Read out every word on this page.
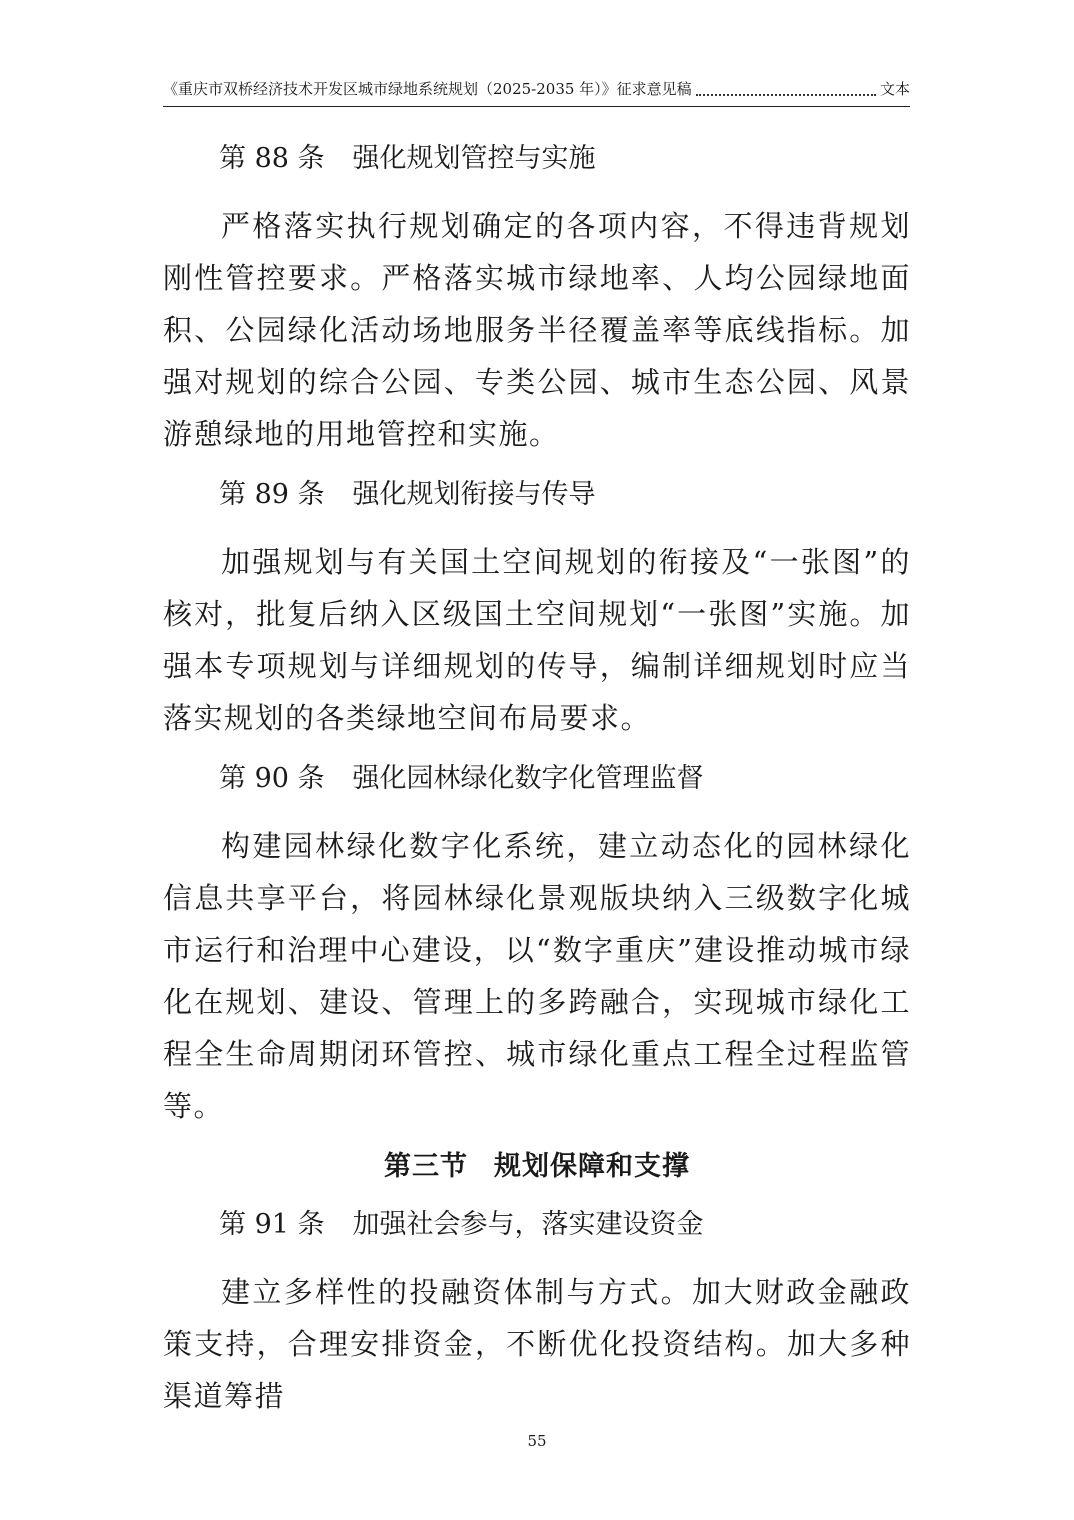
《重庆市双桥经济技术开发区城市绿地系统规划（2025-2035 年）》征求意见稿	文本
第 88 条 强化规划管控与实施

严格落实执行规划确定的各项内容，不得违背规划刚性管控要求。严格落实城市绿地率、人均公园绿地面积、公园绿化活动场地服务半径覆盖率等底线指标。加强对规划的综合公园、专类公园、城市生态公园、风景游憩绿地的用地管控和实施。

第 89 条 强化规划衔接与传导

加强规划与有关国土空间规划的衔接及“一张图”的核对，批复后纳入区级国土空间规划“一张图”实施。加强本专项规划与详细规划的传导，编制详细规划时应当落实规划的各类绿地空间布局要求。

第 90 条 强化园林绿化数字化管理监督

构建园林绿化数字化系统，建立动态化的园林绿化信息共享平台，将园林绿化景观版块纳入三级数字化城市运行和治理中心建设，以“数字重庆”建设推动城市绿化在规划、建设、管理上的多跨融合，实现城市绿化工程全生命周期闭环管控、城市绿化重点工程全过程监管等。

第三节 规划保障和支撑
第 91 条 加强社会参与，落实建设资金

建立多样性的投融资体制与方式。加大财政金融政策支持，合理安排资金，不断优化投资结构。加大多种渠道筹措

55
